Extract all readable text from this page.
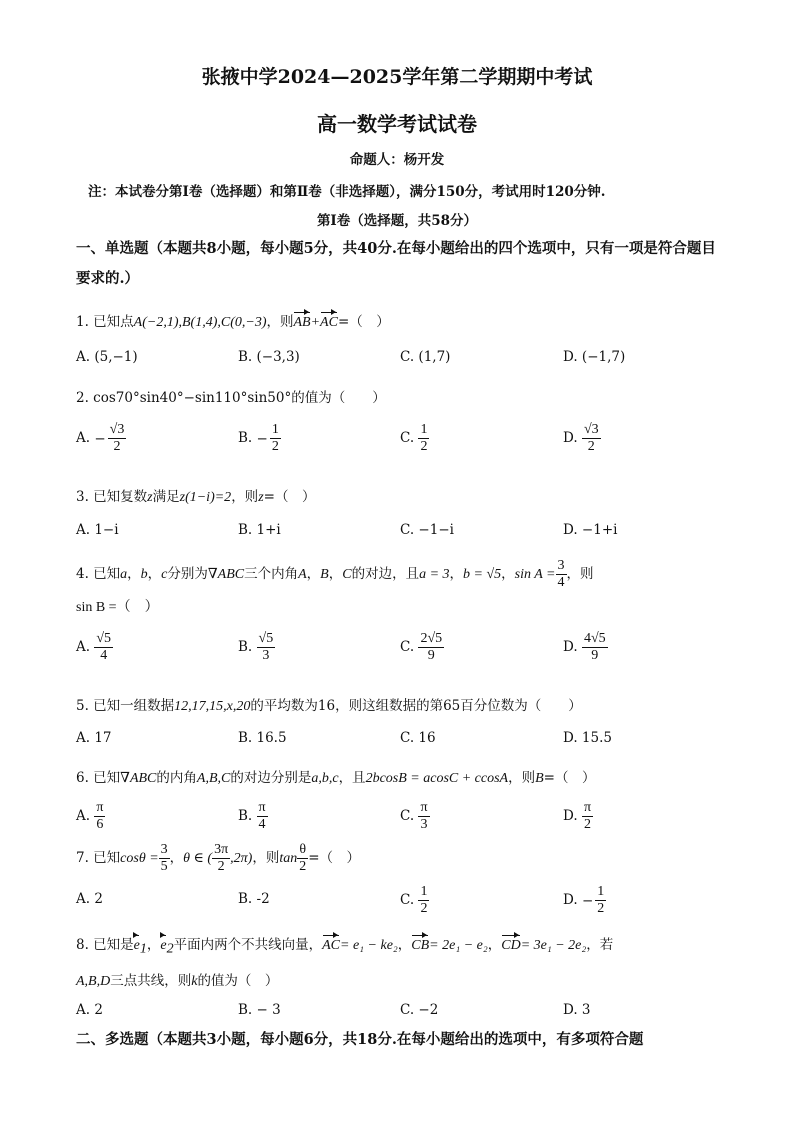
张掖中学2024—2025学年第二学期期中考试
高一数学考试试卷
命题人：杨开发
注：本试卷分第Ⅰ卷（选择题）和第Ⅱ卷（非选择题），满分150分，考试用时120分钟.
第Ⅰ卷（选择题，共58分）
一、单选题（本题共8小题，每小题5分，共40分.在每小题给出的四个选项中，只有一项是符合题目要求的.）
1. 已知点A(−2,1),B(1,4),C(0,−3)，则AB+AC=（　）
A. (5,−1)	B. (−3,3)	C. (1,7)	D. (−1,7)
2. cos70°sin40°−sin110°sin50°的值为（　　）
A. − $\frac{√3}{2}$	B. − $\frac{1}{2}$	C. $\frac{1}{2}$	D. $\frac{√3}{2}$
3. 已知复数z满足z(1−i)=2，则z=（　）
A. 1−i	B. 1+i	C. −1−i	D. −1+i
4. 已知a，b，c分别为∇ABC三个内角A，B，C的对边，且a = 3，b = √5，$\sin A = \frac{3}{4}$ ，则
sin B =（　）
A. $\frac{√5}{4}$	B. $\frac{√5}{3}$	C. $\frac{2√5}{9}$	D. $\frac{4√5}{9}$
5. 已知一组数据12,17,15,x,20的平均数为16，则这组数据的第65百分位数为（　　）
A. 17	B. 16.5	C. 16	D. 15.5
6. 已知∇ABC的内角A,B,C的对边分别是a,b,c，且2bcosB = acosC + ccosA，则B=（　）
A. $\frac{\pi}{6}$	B. $\frac{\pi}{4}$	C. $\frac{\pi}{3}$	D. $\frac{\pi}{2}$
7. 已知$\cos\theta = \frac{3}{5}$ ，θ ∈ ( $\frac{3\pi}{2} ,2\pi$)，则$\tan \frac{\theta}{2}$ =（　）
A. 2	B. -2	C. $\frac{1}{2}$	D. − $\frac{1}{2}$
8. 已知是$e_1$，$e_2$平面内两个不共线向量，AC= e₁ − ke₂，CB= 2e₁ − e₂，CD= 3e₁ − 2e₂，若
A,B,D三点共线，则k的值为（　）
A. 2	B. − 3	C. −2	D. 3
二、多选题（本题共3小题，每小题6分，共18分.在每小题给出的选项中，有多项符合题
